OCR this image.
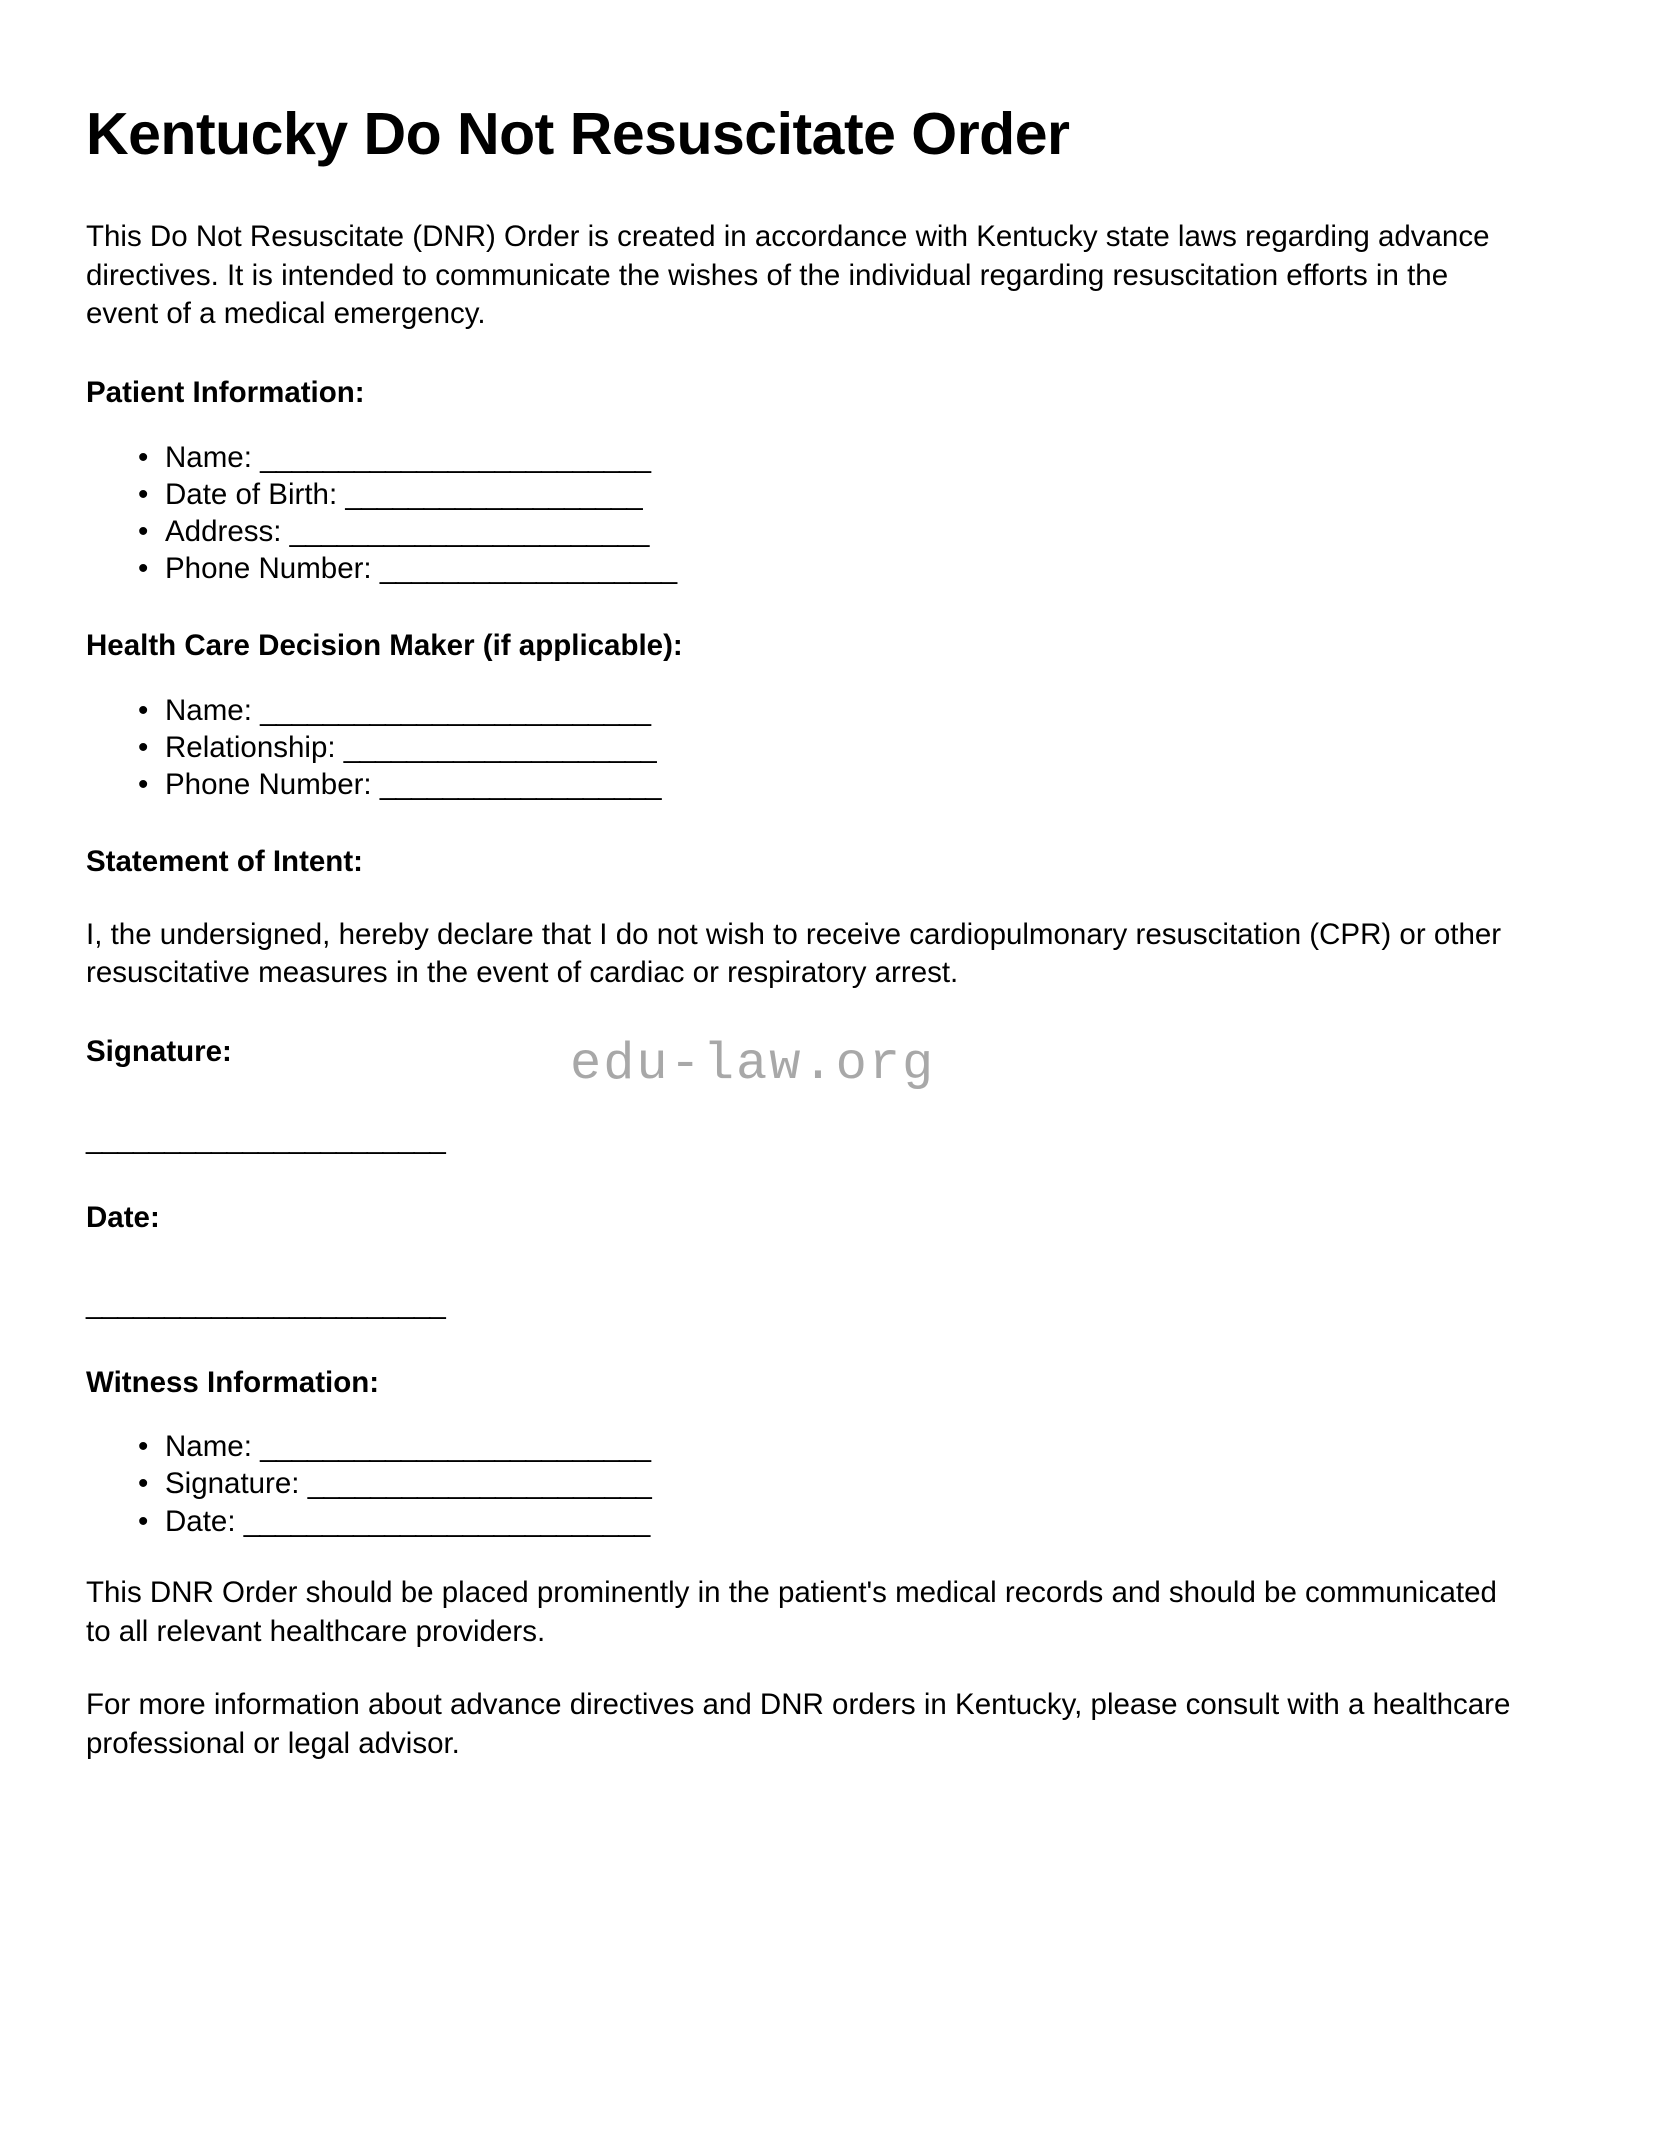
edu-law.org
Kentucky Do Not Resuscitate Order

This Do Not Resuscitate (DNR) Order is created in accordance with Kentucky state laws regarding advance directives. It is intended to communicate the wishes of the individual regarding resuscitation efforts in the event of a medical emergency.

Patient Information:
• Name: _________________________
• Date of Birth: ___________________
• Address: _______________________
• Phone Number: ___________________
Health Care Decision Maker (if applicable):
• Name: _________________________
• Relationship: ____________________
• Phone Number: __________________
Statement of Intent:

I, the undersigned, hereby declare that I do not wish to receive cardiopulmonary resuscitation (CPR) or other resuscitative measures in the event of cardiac or respiratory arrest.

Signature:

_______________________

Date:

_______________________

Witness Information:
• Name: _________________________
• Signature: ______________________
• Date: __________________________

This DNR Order should be placed prominently in the patient's medical records and should be communicated to all relevant healthcare providers.

For more information about advance directives and DNR orders in Kentucky, please consult with a healthcare professional or legal advisor.
